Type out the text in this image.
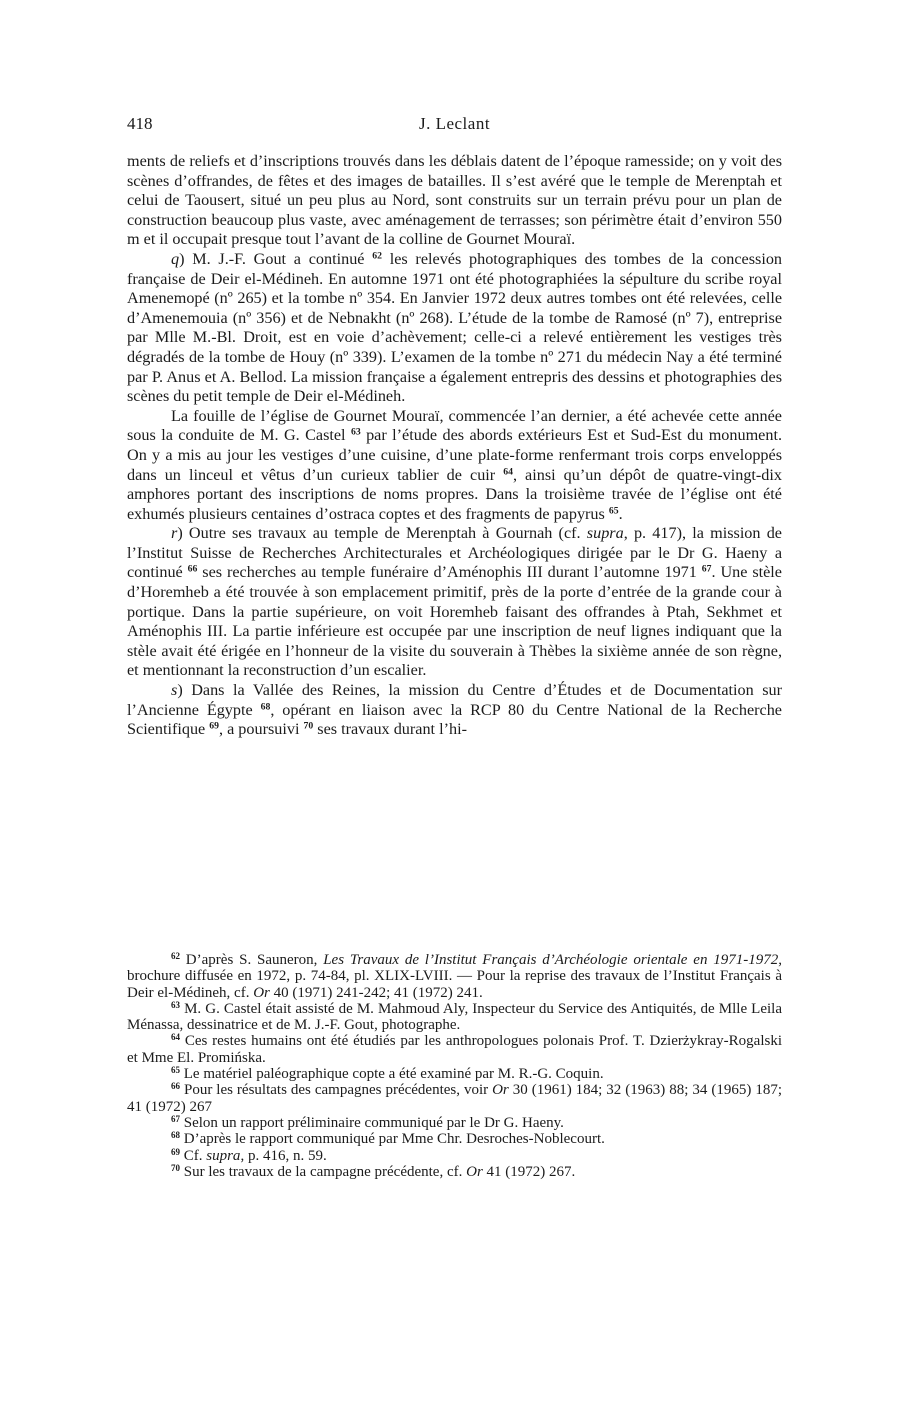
418	J. Leclant

ments de reliefs et d’inscriptions trouvés dans les déblais datent de l’époque ramesside; on y voit des scènes d’offrandes, de fêtes et des images de batailles. Il s’est avéré que le temple de Merenptah et celui de Taousert, situé un peu plus au Nord, sont construits sur un terrain prévu pour un plan de construction beaucoup plus vaste, avec aménagement de terrasses; son périmètre était d’environ 550 m et il occupait presque tout l’avant de la colline de Gournet Mouraï.

q) M. J.-F. Gout a continué $^{62}$ les relevés photographiques des tombes de la concession française de Deir el-Médineh. En automne 1971 ont été photographiées la sépulture du scribe royal Amenemopé (nº 265) et la tombe nº 354. En Janvier 1972 deux autres tombes ont été relevées, celle d’Amenemouia (nº 356) et de Nebnakht (nº 268). L’étude de la tombe de Ramosé (nº 7), entreprise par Mlle M.-Bl. Droit, est en voie d’achèvement; celle-ci a relevé entièrement les vestiges très dégradés de la tombe de Houy (nº 339). L’examen de la tombe nº 271 du médecin Nay a été terminé par P. Anus et A. Bellod. La mission française a également entrepris des dessins et photographies des scènes du petit temple de Deir el-Médineh.

La fouille de l’église de Gournet Mouraï, commencée l’an dernier, a été achevée cette année sous la conduite de M. G. Castel $^{63}$ par l’étude des abords extérieurs Est et Sud-Est du monument. On y a mis au jour les vestiges d’une cuisine, d’une plate-forme renfermant trois corps enveloppés dans un linceul et vêtus d’un curieux tablier de cuir $^{64}$, ainsi qu’un dépôt de quatre-vingt-dix amphores portant des inscriptions de noms propres. Dans la troisième travée de l’église ont été exhumés plusieurs centaines d’ostraca coptes et des fragments de papyrus $^{65}$.

r) Outre ses travaux au temple de Merenptah à Gournah (cf. supra, p. 417), la mission de l’Institut Suisse de Recherches Architecturales et Archéologiques dirigée par le Dr G. Haeny a continué $^{66}$ ses recherches au temple funéraire d’Aménophis III durant l’automne 1971 $^{67}$. Une stèle d’Horemheb a été trouvée à son emplacement primitif, près de la porte d’entrée de la grande cour à portique. Dans la partie supérieure, on voit Horemheb faisant des offrandes à Ptah, Sekhmet et Aménophis III. La partie inférieure est occupée par une inscription de neuf lignes indiquant que la stèle avait été érigée en l’honneur de la visite du souverain à Thèbes la sixième année de son règne, et mentionnant la reconstruction d’un escalier.

s) Dans la Vallée des Reines, la mission du Centre d’Études et de Documentation sur l’Ancienne Égypte $^{68}$, opérant en liaison avec la RCP 80 du Centre National de la Recherche Scientifique $^{69}$, a poursuivi $^{70}$ ses travaux durant l’hi-

$^{62}$ D’après S. Sauneron, Les Travaux de l’Institut Français d’Archéologie orientale en 1971-1972, brochure diffusée en 1972, p. 74-84, pl. XLIX-LVIII. — Pour la reprise des travaux de l’Institut Français à Deir el-Médineh, cf. Or 40 (1971) 241-242; 41 (1972) 241.

$^{63}$ M. G. Castel était assisté de M. Mahmoud Aly, Inspecteur du Service des Antiquités, de Mlle Leila Ménassa, dessinatrice et de M. J.-F. Gout, photographe.

$^{64}$ Ces restes humains ont été étudiés par les anthropologues polonais Prof. T. Dzierżykray-Rogalski et Mme El. Promińska.

$^{65}$ Le matériel paléographique copte a été examiné par M. R.-G. Coquin.

$^{66}$ Pour les résultats des campagnes précédentes, voir Or 30 (1961) 184; 32 (1963) 88; 34 (1965) 187; 41 (1972) 267

$^{67}$ Selon un rapport préliminaire communiqué par le Dr G. Haeny.

$^{68}$ D’après le rapport communiqué par Mme Chr. Desroches-Noblecourt.

$^{69}$ Cf. supra, p. 416, n. 59.

$^{70}$ Sur les travaux de la campagne précédente, cf. Or 41 (1972) 267.
